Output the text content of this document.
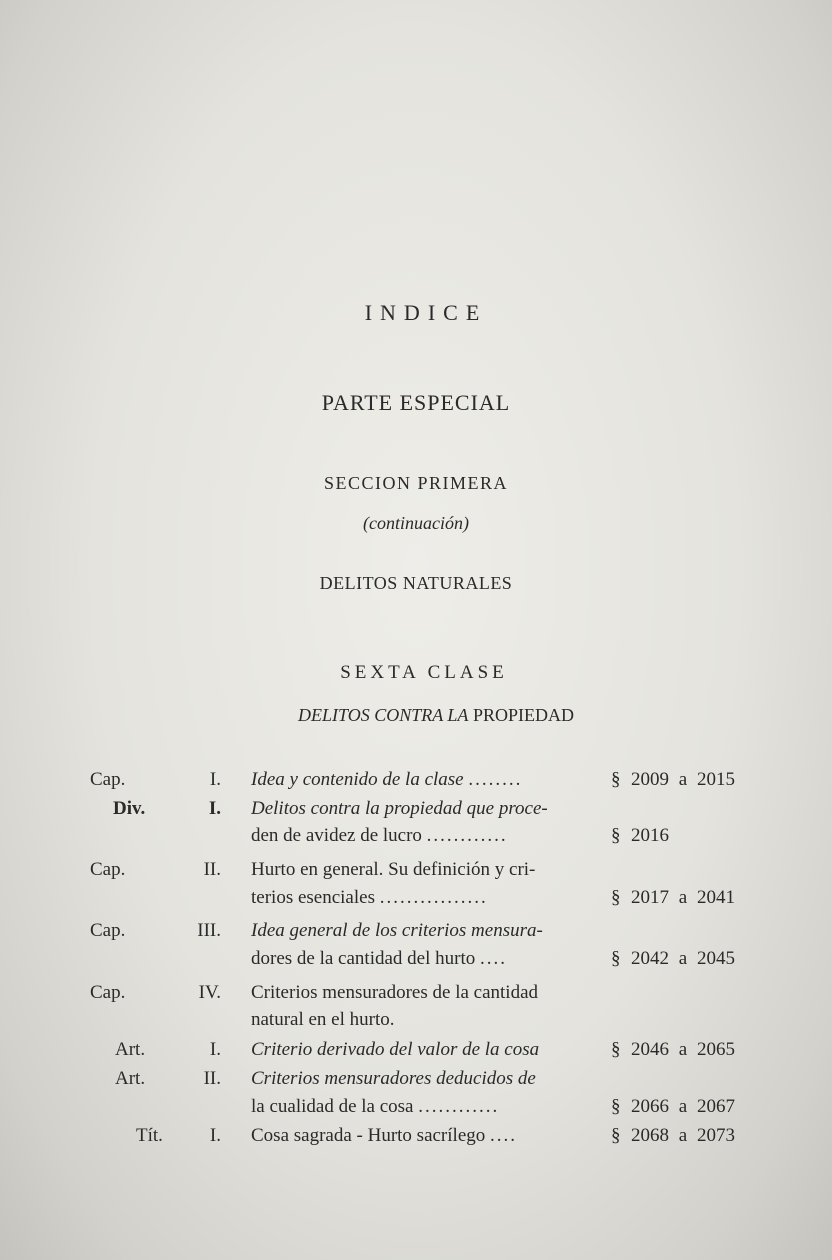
INDICE
PARTE ESPECIAL
SECCION PRIMERA
(continuación)
DELITOS NATURALES
SEXTA CLASE
DELITOS CONTRA LA PROPIEDAD
Cap.	I. Idea y contenido de la clase ........	§ 2009 a 2015
Div.	I. Delitos contra la propiedad que proce-
den de avidez de lucro ............	§ 2016
Cap.	II. Hurto en general. Su definición y cri-
terios esenciales ................	§ 2017 a 2041
Cap.	III. Idea general de los criterios mensura-
dores de la cantidad del hurto ....	§ 2042 a 2045
Cap.	IV. Criterios mensuradores de la cantidad
natural en el hurto.
Art.	I. Criterio derivado del valor de la cosa	§ 2046 a 2065
Art.	II. Criterios mensuradores deducidos de
la cualidad de la cosa ............	§ 2066 a 2067
Tít.	I. Cosa sagrada - Hurto sacrílego ....	§ 2068 a 2073
